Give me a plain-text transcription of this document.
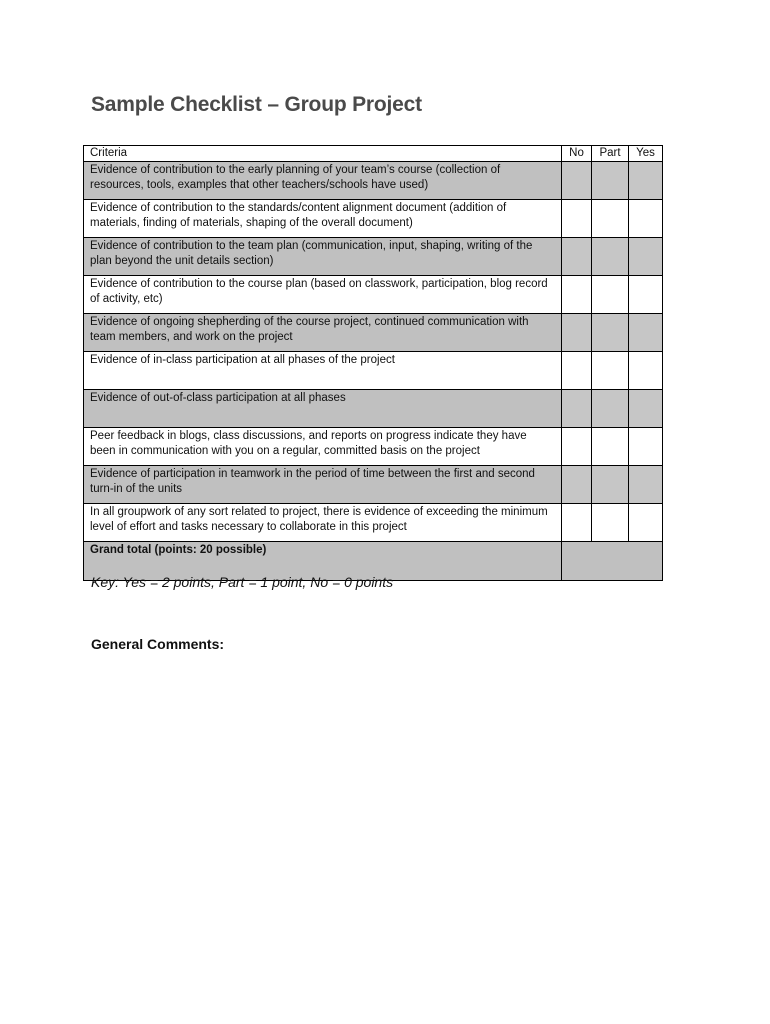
Sample Checklist – Group Project
Criteria	No	Part	Yes
Evidence of contribution to the early planning of your team’s course (collection of resources, tools, examples that other teachers/schools have used)			
Evidence of contribution to the standards/content alignment document (addition of materials, finding of materials, shaping of the overall document)			
Evidence of contribution to the team plan (communication, input, shaping, writing of the plan beyond the unit details section)			
Evidence of contribution to the course plan (based on classwork, participation, blog record of activity, etc)			
Evidence of ongoing shepherding of the course project, continued communication with team members, and work on the project			
Evidence of in-class participation at all phases of the project			
Evidence of out-of-class participation at all phases			
Peer feedback in blogs, class discussions, and reports on progress indicate they have been in communication with you on a regular, committed basis on the project			
Evidence of participation in teamwork in the period of time between the first and second turn-in of the units			
In all groupwork of any sort related to project, there is evidence of exceeding the minimum level of effort and tasks necessary to collaborate in this project			
Grand total (points: 20 possible)			

Key: Yes = 2 points, Part = 1 point, No = 0 points

General Comments:
